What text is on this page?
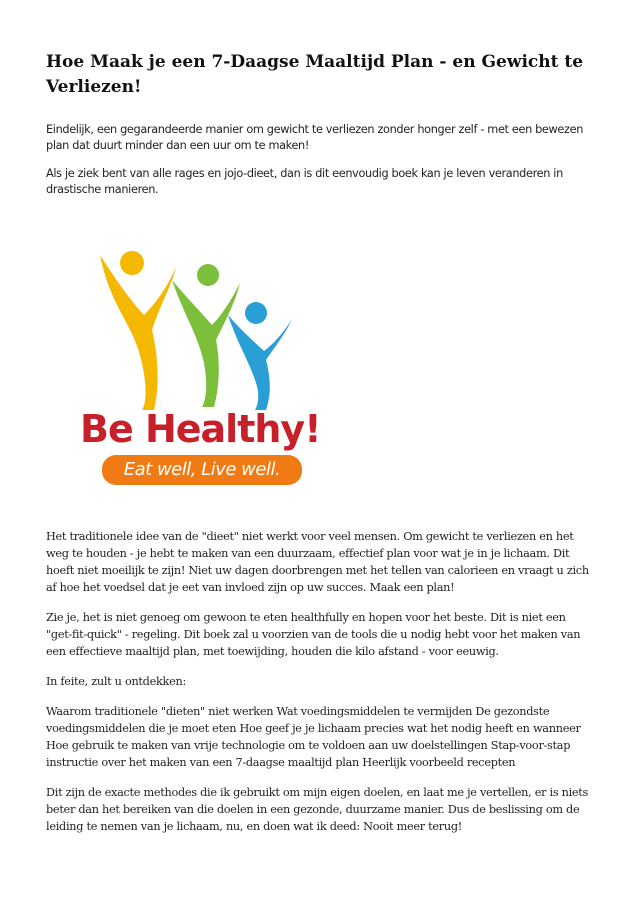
Hoe Maak je een 7-Daagse Maaltijd Plan - en Gewicht te Verliezen!

Eindelijk, een gegarandeerde manier om gewicht te verliezen zonder honger zelf - met een bewezen plan dat duurt minder dan een uur om te maken!

Als je ziek bent van alle rages en jojo-dieet, dan is dit eenvoudig boek kan je leven veranderen in drastische manieren.

Be Healthy!
Eat well, Live well.

Het traditionele idee van de "dieet" niet werkt voor veel mensen. Om gewicht te verliezen en het weg te houden - je hebt te maken van een duurzaam, effectief plan voor wat je in je lichaam. Dit hoeft niet moeilijk te zijn! Niet uw dagen doorbrengen met het tellen van calorieen en vraagt u zich af hoe het voedsel dat je eet van invloed zijn op uw succes. Maak een plan!

Zie je, het is niet genoeg om gewoon te eten healthfully en hopen voor het beste. Dit is niet een "get-fit-quick" - regeling. Dit boek zal u voorzien van de tools die u nodig hebt voor het maken van een effectieve maaltijd plan, met toewijding, houden die kilo afstand - voor eeuwig.

In feite, zult u ontdekken:

Waarom traditionele "dieten" niet werken Wat voedingsmiddelen te vermijden De gezondste voedingsmiddelen die je moet eten Hoe geef je je lichaam precies wat het nodig heeft en wanneer Hoe gebruik te maken van vrije technologie om te voldoen aan uw doelstellingen Stap-voor-stap instructie over het maken van een 7-daagse maaltijd plan Heerlijk voorbeeld recepten

Dit zijn de exacte methodes die ik gebruikt om mijn eigen doelen, en laat me je vertellen, er is niets beter dan het bereiken van die doelen in een gezonde, duurzame manier. Dus de beslissing om de leiding te nemen van je lichaam, nu, en doen wat ik deed: Nooit meer terug!
